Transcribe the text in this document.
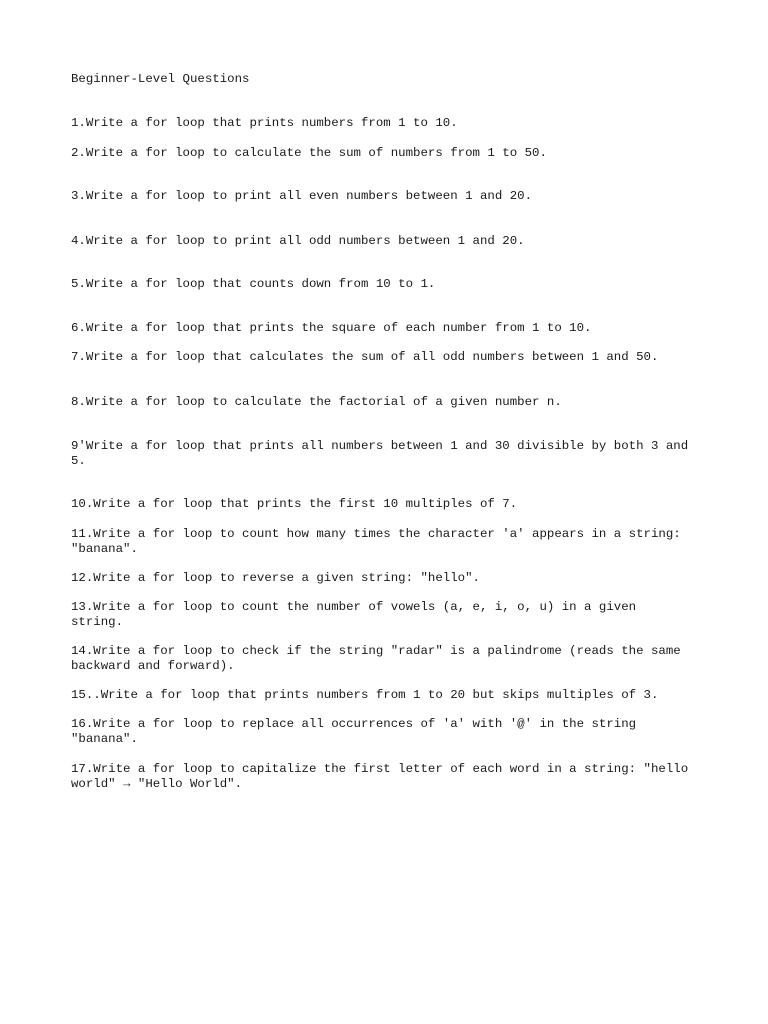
Beginner-Level Questions

1.Write a for loop that prints numbers from 1 to 10.

2.Write a for loop to calculate the sum of numbers from 1 to 50.

3.Write a for loop to print all even numbers between 1 and 20.

4.Write a for loop to print all odd numbers between 1 and 20.

5.Write a for loop that counts down from 10 to 1.

6.Write a for loop that prints the square of each number from 1 to 10.

7.Write a for loop that calculates the sum of all odd numbers between 1 and 50.

8.Write a for loop to calculate the factorial of a given number n.

9'Write a for loop that prints all numbers between 1 and 30 divisible by both 3 and
5.

10.Write a for loop that prints the first 10 multiples of 7.

11.Write a for loop to count how many times the character 'a' appears in a string:
"banana".

12.Write a for loop to reverse a given string: "hello".

13.Write a for loop to count the number of vowels (a, e, i, o, u) in a given
string.

14.Write a for loop to check if the string "radar" is a palindrome (reads the same
backward and forward).

15..Write a for loop that prints numbers from 1 to 20 but skips multiples of 3.

16.Write a for loop to replace all occurrences of 'a' with '@' in the string
"banana".

17.Write a for loop to capitalize the first letter of each word in a string: "hello
world" → "Hello World".
